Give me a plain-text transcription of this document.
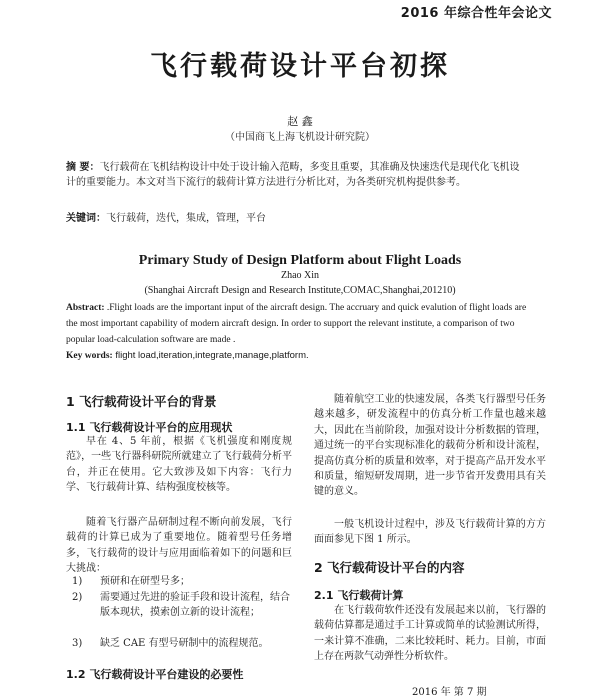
2016 年综合性年会论文
飞行载荷设计平台初探
赵 鑫
（中国商飞上海飞机设计研究院）
摘 要：飞行载荷在飞机结构设计中处于设计输入范畴，多变且重要，其准确及快速迭代是现代化飞机设计的重要能力。本文对当下流行的载荷计算方法进行分析比对，为各类研究机构提供参考。
关键词：飞行载荷，迭代，集成，管理，平台
Primary Study of Design Platform about Flight Loads
Zhao Xin
(Shanghai Aircraft Design and Research Institute,COMAC,Shanghai,201210)
Abstract: .Flight loads are the important input of the aircraft design. The accruary and quick evalution of flight loads are the most important capability of modern aircraft design. In order to support the relevant institute, a comparison of two popular load-calculation software are made .
Key words: flight load,iteration,integrate,manage,platform.
1 飞行载荷设计平台的背景
1.1 飞行载荷设计平台的应用现状
早在 4、5 年前，根据《飞机强度和刚度规范》，一些飞行器科研院所就建立了飞行载荷分析平台，并正在使用。它大致涉及如下内容：飞行力学、飞行载荷计算、结构强度校核等。
随着飞行器产品研制过程不断向前发展，飞行载荷的计算已成为了重要地位。随着型号任务增多，飞行载荷的设计与应用面临着如下的问题和巨大挑战：
1)	预研和在研型号多；
2)	需要通过先进的验证手段和设计流程，结合版本现状，摸索创立新的设计流程；
3)	缺乏 CAE 有型号研制中的流程规范。
1.2 飞行载荷设计平台建设的必要性
随着航空工业的快速发展，各类飞行器型号任务越来越多，研发流程中的仿真分析工作量也越来越大，因此在当前阶段，加强对设计分析数据的管理，通过统一的平台实现标准化的载荷分析和设计流程，提高仿真分析的质量和效率，对于提高产品开发水平和质量，缩短研发周期，进一步节省开发费用具有关键的意义。
一般飞机设计过程中，涉及飞行载荷计算的方方面面参见下图 1 所示。
2 飞行载荷设计平台的内容
2.1 飞行载荷计算
在飞行载荷软件还没有发展起来以前，飞行器的载荷估算都是通过手工计算或简单的试验测试所得，一来计算不准确，二来比较耗时、耗力。目前，市面上存在两款气动弹性分析软件。
2016 年 第 7 期
